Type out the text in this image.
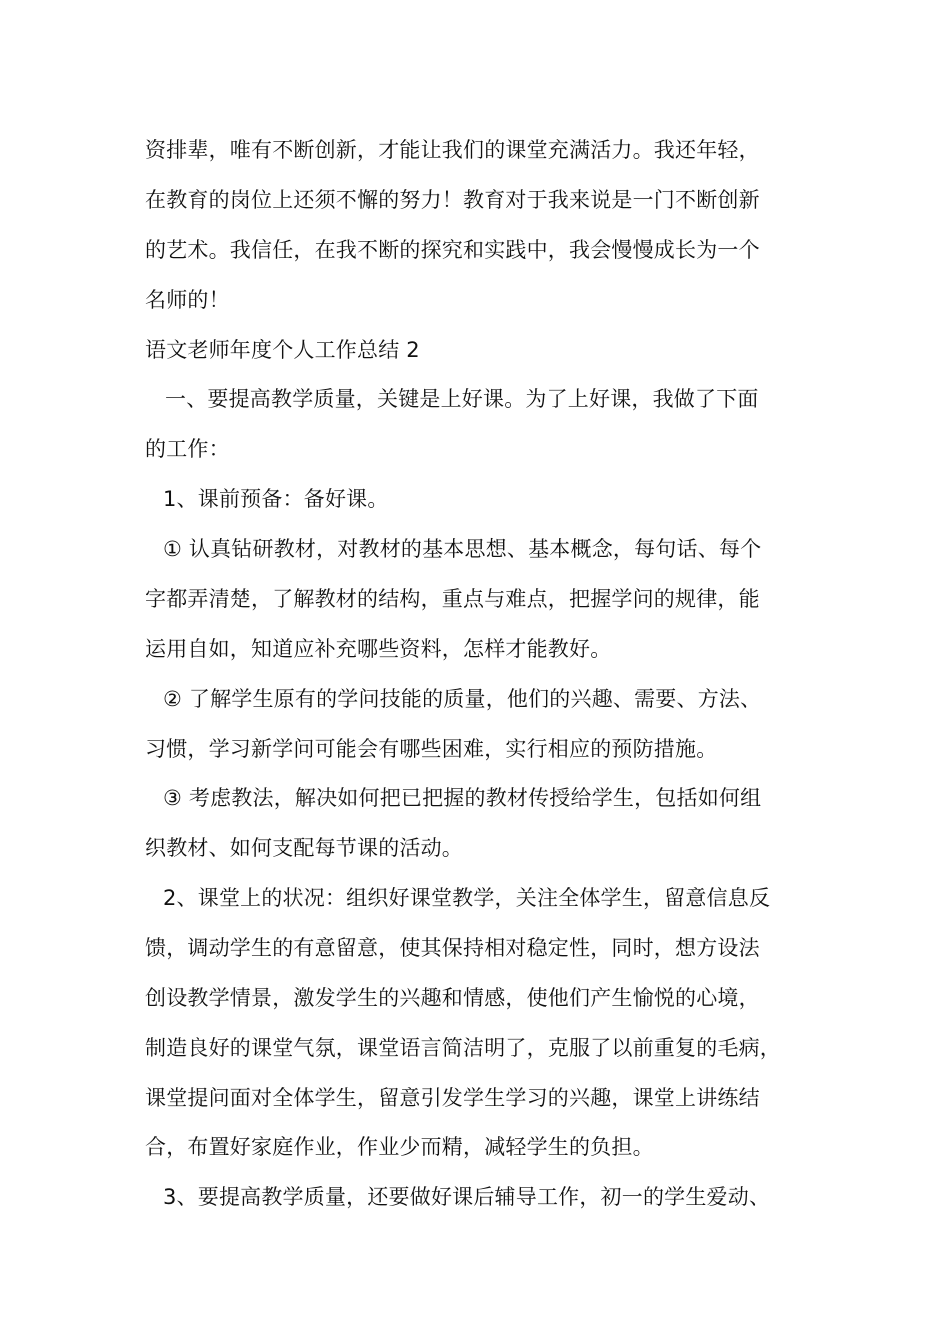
资排辈，唯有不断创新，才能让我们的课堂充满活力。我还年轻，
在教育的岗位上还须不懈的努力！教育对于我来说是一门不断创新
的艺术。我信任，在我不断的探究和实践中，我会慢慢成长为一个
名师的！
语文老师年度个人工作总结 2
一、要提高教学质量，关键是上好课。为了上好课，我做了下面
的工作：
1、课前预备：备好课。
① 认真钻研教材，对教材的基本思想、基本概念，每句话、每个
字都弄清楚，了解教材的结构，重点与难点，把握学问的规律，能
运用自如，知道应补充哪些资料，怎样才能教好。
② 了解学生原有的学问技能的质量，他们的兴趣、需要、方法、
习惯，学习新学问可能会有哪些困难，实行相应的预防措施。
③ 考虑教法，解决如何把已把握的教材传授给学生，包括如何组
织教材、如何支配每节课的活动。
2、课堂上的状况：组织好课堂教学，关注全体学生，留意信息反
馈，调动学生的有意留意，使其保持相对稳定性，同时，想方设法
创设教学情景，激发学生的兴趣和情感，使他们产生愉悦的心境，
制造良好的课堂气氛，课堂语言简洁明了，克服了以前重复的毛病，
课堂提问面对全体学生，留意引发学生学习的兴趣，课堂上讲练结
合，布置好家庭作业，作业少而精，减轻学生的负担。
3、要提高教学质量，还要做好课后辅导工作，初一的学生爱动、
